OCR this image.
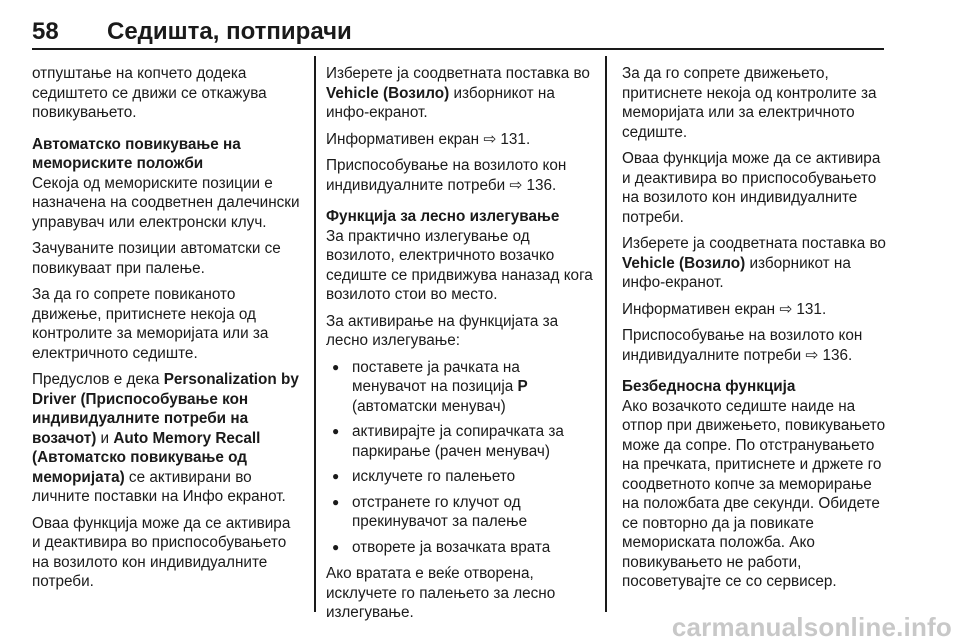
58 Седишта, потпирачи

отпуштање на копчето додека седиштето се движи се откажува повикувањето.

Автоматско повикување на мемориските положби

Секоја од мемориските позиции е назначена на соодветнен далечински управувач или електронски клуч.

Зачуваните позиции автоматски се повикуваат при палење.

За да го сопрете повиканото движење, притиснете некоја од контролите за меморијата или за електричното седиште.

Предуслов е дека Personalization by Driver (Приспособување кон индивидуалните потреби на возачот) и Auto Memory Recall (Автоматско повикување од меморијата) се активирани во личните поставки на Инфо екранот.

Оваа функција може да се активира и деактивира во приспособувањето на возилото кон индивидуалните потреби.

Изберете ја соодветната поставка во Vehicle (Возило) изборникот на инфо-екранот.

Информативен екран ⇨ 131.

Приспособување на возилото кон индивидуалните потреби ⇨ 136.

Функција за лесно излегување

За практично излегување од возилото, електричното возачко седиште се придвижува наназад кога возилото стои во место.

За активирање на функцијата за лесно излегување:

● поставете ја рачката на менувачот на позиција P (автоматски менувач)
● активирајте ја сопирачката за паркирање (рачен менувач)
● исклучете го палењето
● отстранете го клучот од прекинувачот за палење
● отворете ја возачката врата

Ако вратата е веќе отворена, исклучете го палењето за лесно излегување.

За да го сопрете движењето, притиснете некоја од контролите за меморијата или за електричното седиште.

Оваа функција може да се активира и деактивира во приспособувањето на возилото кон индивидуалните потреби.

Изберете ја соодветната поставка во Vehicle (Возило) изборникот на инфо-екранот.

Информативен екран ⇨ 131.

Приспособување на возилото кон индивидуалните потреби ⇨ 136.

Безбедносна функција

Ако возачкото седиште наиде на отпор при движењето, повикувањето може да сопре. По отстранувањето на пречката, притиснете и држете го соодветното копче за меморирање на положбата две секунди. Обидете се повторно да ја повикате мемориската положба. Ако повикувањето не работи, посоветувајте се со сервисер.

carmanualsonline.info
